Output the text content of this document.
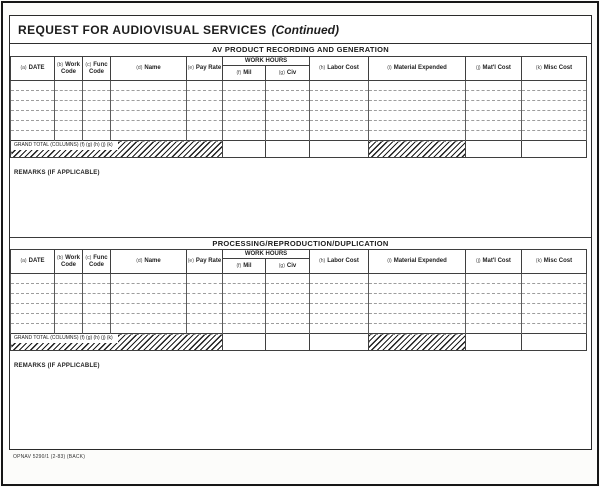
REQUEST FOR AUDIOVISUAL SERVICES (Continued)
AV PRODUCT RECORDING AND GENERATION
(a) DATE	(b) Work Code	(c) Func Code	(d) Name	(e) Pay Rate	WORK HOURS		(h) Labor Cost	(i) Material Expended	(j) Mat'l Cost	(k) Misc Cost
					(f) Mil	(g) Civ				

GRAND TOTAL (COLUMNS) (f) (g) (h) (j) (k)										

REMARKS (IF APPLICABLE)
PROCESSING/REPRODUCTION/DUPLICATION
(a) DATE	(b) Work Code	(c) Func Code	(d) Name	(e) Pay Rate	WORK HOURS		(h) Labor Cost	(i) Material Expended	(j) Mat'l Cost	(k) Misc Cost
					(f) Mil	(g) Civ				

GRAND TOTAL (COLUMNS) (f) (g) (h) (j) (k)										

REMARKS (IF APPLICABLE)
OPNAV 5290/1 (2-83) (BACK)
